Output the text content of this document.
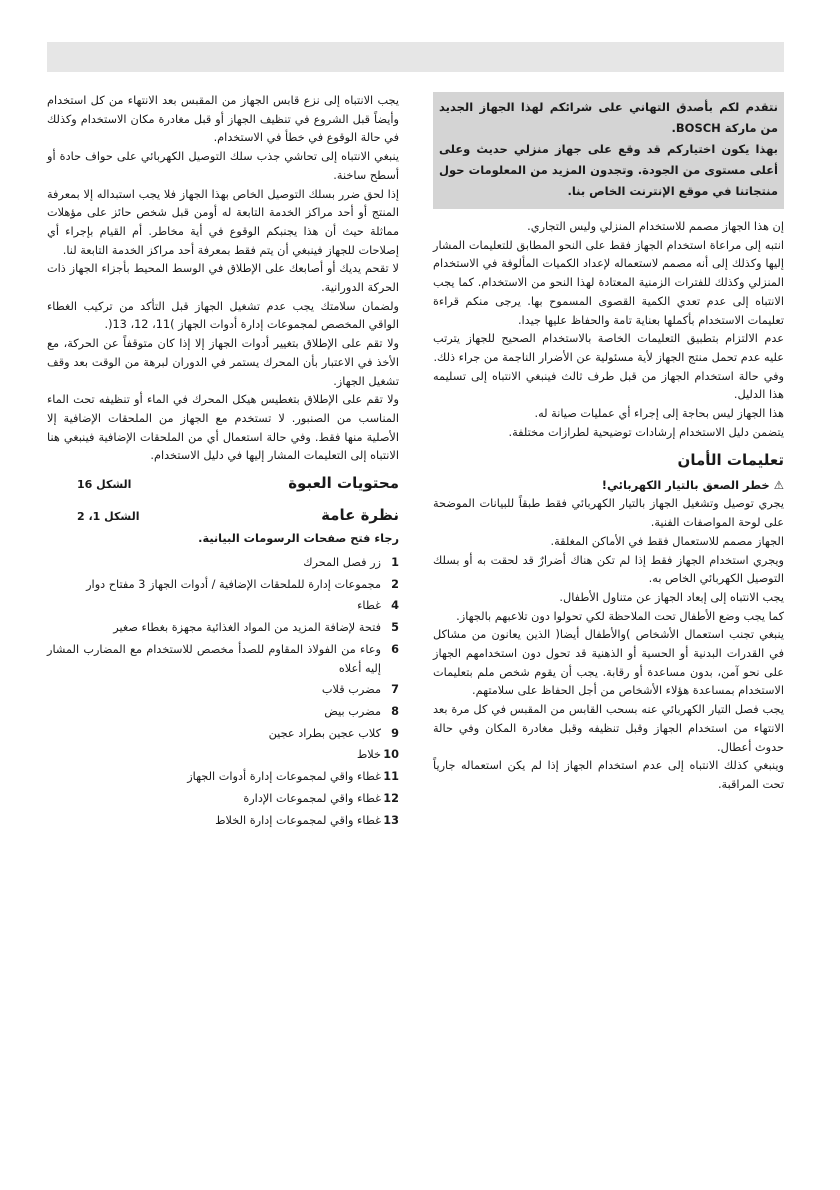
نتقدم لكم بأصدق التهاني على شرائكم لهذا الجهاز الجديد من ماركة BOSCH.

بهذا يكون اختياركم قد وقع على جهاز منزلي حديث وعلى أعلى مستوى من الجودة. وتجدون المزيد من المعلومات حول منتجاتنا في موقع الإنترنت الخاص بنا.

إن هذا الجهاز مصمم للاستخدام المنزلي وليس التجاري.

انتبه إلى مراعاة استخدام الجهاز فقط على النحو المطابق للتعليمات المشار إليها وكذلك إلى أنه مصمم لاستعماله لإعداد الكميات المألوفة في الاستخدام المنزلي وكذلك للفترات الزمنية المعتادة لهذا النحو من الاستخدام. كما يجب الانتباه إلى عدم تعدي الكمية القصوى المسموح بها. يرجى منكم قراءة تعليمات الاستخدام بأكملها بعناية تامة والحفاظ عليها جيدا.

عدم الالتزام بتطبيق التعليمات الخاصة بالاستخدام الصحيح للجهاز يترتب عليه عدم تحمل منتج الجهاز لأية مسئولية عن الأضرار الناجمة من جراء ذلك.

وفي حالة استخدام الجهاز من قبل طرف ثالث فينبغي الانتباه إلى تسليمه هذا الدليل.

هذا الجهاز ليس بحاجة إلى إجراء أي عمليات صيانة له.

يتضمن دليل الاستخدام إرشادات توضيحية لطرازات مختلفة.

تعليمات الأمان

⚠خطر الصعق بالتيار الكهربائي!

يجري توصيل وتشغيل الجهاز بالتيار الكهربائي فقط طبقاً للبيانات الموضحة على لوحة المواصفات الفنية.

الجهاز مصمم للاستعمال فقط في الأماكن المغلقة.

ويجري استخدام الجهاز فقط إذا لم تكن هناك أضرارٌ قد لحقت به أو بسلك التوصيل الكهربائي الخاص به.

يجب الانتباه إلى إبعاد الجهاز عن متناول الأطفال.

كما يجب وضع الأطفال تحت الملاحظة لكي تحولوا دون تلاعبهم بالجهاز.

ينبغي تجنب استعمال الأشخاص )والأطفال أيضا( الذين يعانون من مشاكل في القدرات البدنية أو الحسية أو الذهنية قد تحول دون استخدامهم الجهاز على نحو آمن، بدون مساعدة أو رقابة. يجب أن يقوم شخص ملم بتعليمات الاستخدام بمساعدة هؤلاء الأشخاص من أجل الحفاظ على سلامتهم.

يجب فصل التيار الكهربائي عنه بسحب القابس من المقبس في كل مرة بعد الانتهاء من استخدام الجهاز وقبل تنظيفه وقبل مغادرة المكان وفي حالة حدوث أعطال.

وينبغي كذلك الانتباه إلى عدم استخدام الجهاز إذا لم يكن استعماله جارياً تحت المراقبة.

يجب الانتباه إلى نزع قابس الجهاز من المقبس بعد الانتهاء من كل استخدام وأيضاً قبل الشروع في تنظيف الجهاز أو قبل مغادرة مكان الاستخدام وكذلك في حالة الوقوع في خطأ في الاستخدام.

ينبغي الانتباه إلى تحاشي جذب سلك التوصيل الكهربائي على حواف حادة أو أسطح ساخنة.

إذا لحق ضرر بسلك التوصيل الخاص بهذا الجهاز فلا يجب استبداله إلا بمعرفة المنتج أو أحد مراكز الخدمة التابعة له أومن قبل شخص حائز على مؤهلات مماثلة حيث أن هذا يجنبكم الوقوع في أية مخاطر. أم القيام بإجراء أي إصلاحات للجهاز فينبغي أن يتم فقط بمعرفة أحد مراكز الخدمة التابعة لنا.

لا تقحم يديك أو أصابعك على الإطلاق في الوسط المحيط بأجزاء الجهاز ذات الحركة الدورانية.

ولضمان سلامتك يجب عدم تشغيل الجهاز قبل التأكد من تركيب الغطاء الواقي المخصص لمجموعات إدارة أدوات الجهاز )11، 12، 13(.

ولا تقم على الإطلاق بتغيير أدوات الجهاز إلا إذا كان متوقفاً عن الحركة، مع الأخذ في الاعتبار بأن المحرك يستمر في الدوران لبرهة من الوقت بعد وقف تشغيل الجهاز.

ولا تقم على الإطلاق بتغطيس هيكل المحرك في الماء أو تنظيفه تحت الماء المناسب من الصنبور. لا تستخدم مع الجهاز من الملحقات الإضافية إلا الأصلية منها فقط. وفي حالة استعمال أي من الملحقات الإضافية فينبغي هنا الانتباه إلى التعليمات المشار إليها في دليل الاستخدام.

محتويات العبوة
الشكل 16
نظرة عامة
الشكل 1، 2

رجاء فتح صفحات الرسومات البيانية.

1
زر فصل المحرك
2
مجموعات إدارة للملحقات الإضافية / أدوات الجهاز 3 مفتاح دوار
4
غطاء
5
فتحة لإضافة المزيد من المواد الغذائية مجهزة بغطاء صغير
6
وعاء من الفولاذ المقاوم للصدأ مخصص للاستخدام مع المضارب المشار إليه أعلاه
7
مضرب قلاب
8
مضرب بيض
9
كلاب عجين بطراد عجين
10
خلاط
11
غطاء واقي لمجموعات إدارة أدوات الجهاز
12
غطاء واقي لمجموعات الإدارة
13
غطاء واقي لمجموعات إدارة الخلاط
